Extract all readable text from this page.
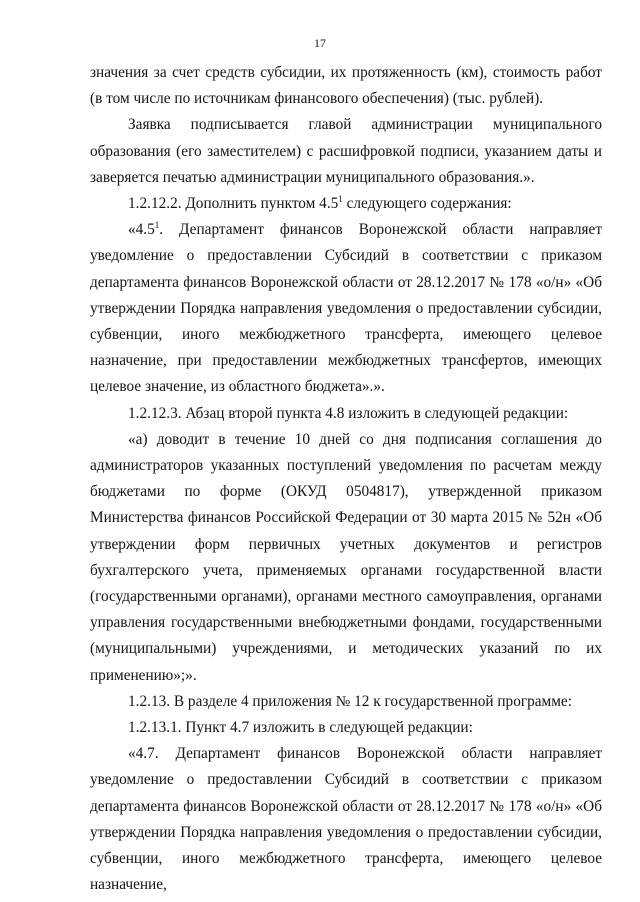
17

значения за счет средств субсидии, их протяженность (км), стоимость работ (в том числе по источникам финансового обеспечения) (тыс. рублей).

Заявка подписывается главой администрации муниципального образования (его заместителем) с расшифровкой подписи, указанием даты и заверяется печатью администрации муниципального образования.».

1.2.12.2. Дополнить пунктом $4.5^1$ следующего содержания:

«$4.5^1$. Департамент финансов Воронежской области направляет уведомление о предоставлении Субсидий в соответствии с приказом департамента финансов Воронежской области от 28.12.2017 № 178 «о/н» «Об утверждении Порядка направления уведомления о предоставлении субсидии, субвенции, иного межбюджетного трансферта, имеющего целевое назначение, при предоставлении межбюджетных трансфертов, имеющих целевое значение, из областного бюджета».».

1.2.12.3. Абзац второй пункта 4.8 изложить в следующей редакции:

«а) доводит в течение 10 дней со дня подписания соглашения до администраторов указанных поступлений уведомления по расчетам между бюджетами по форме (ОКУД 0504817), утвержденной приказом Министерства финансов Российской Федерации от 30 марта 2015 № 52н «Об утверждении форм первичных учетных документов и регистров бухгалтерского учета, применяемых органами государственной власти (государственными органами), органами местного самоуправления, органами управления государственными внебюджетными фондами, государственными (муниципальными) учреждениями, и методических указаний по их применению»;».

1.2.13. В разделе 4 приложения № 12 к государственной программе:

1.2.13.1. Пункт 4.7 изложить в следующей редакции:

«4.7. Департамент финансов Воронежской области направляет уведомление о предоставлении Субсидий в соответствии с приказом департамента финансов Воронежской области от 28.12.2017 № 178 «о/н» «Об утверждении Порядка направления уведомления о предоставлении субсидии, субвенции, иного межбюджетного трансферта, имеющего целевое назначение,
